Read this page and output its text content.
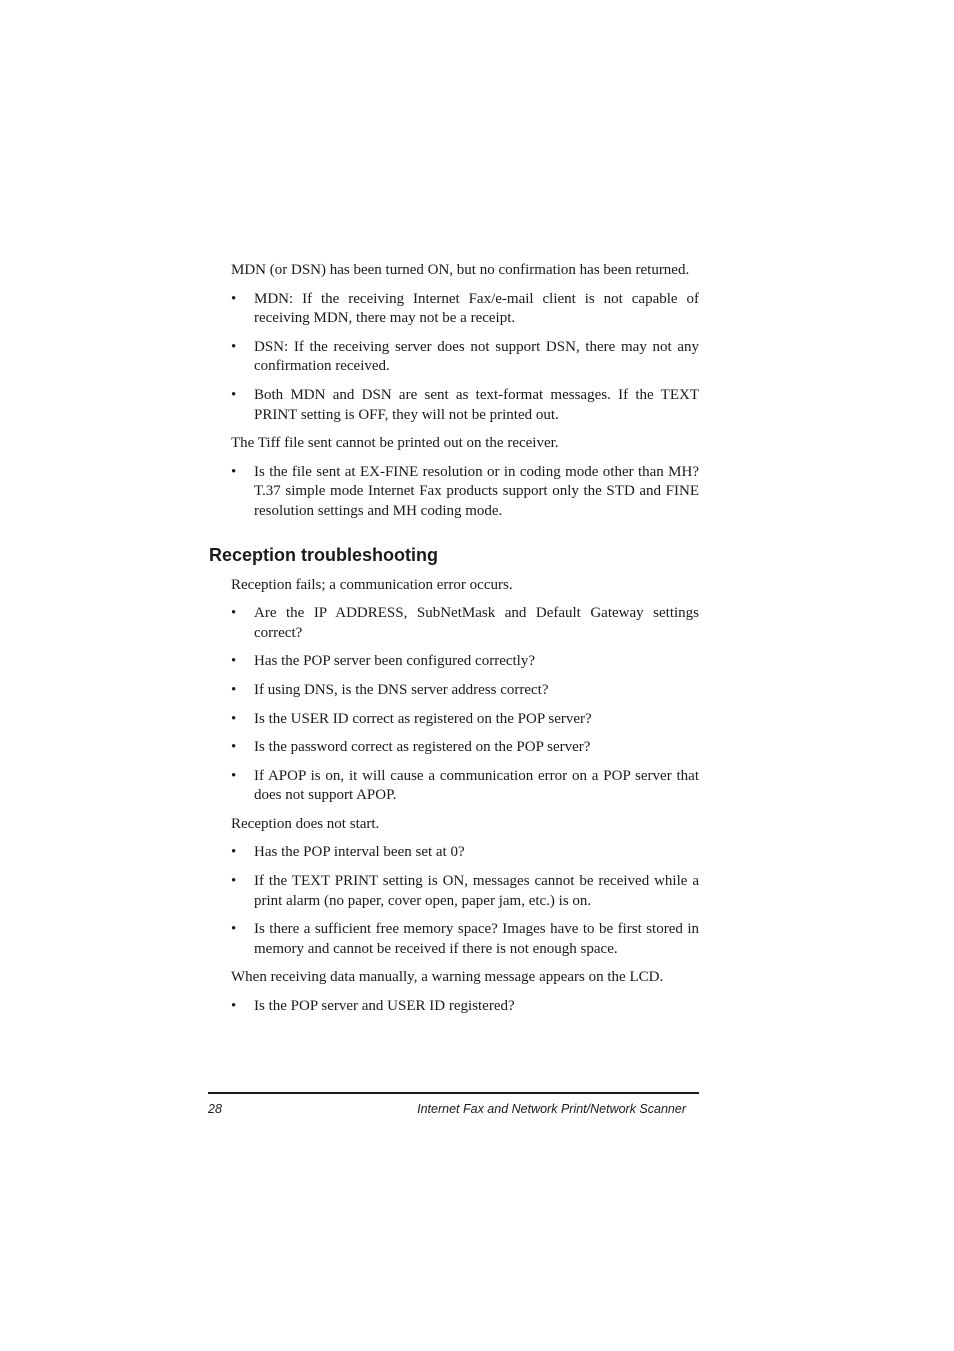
MDN (or DSN) has been turned ON, but no confirmation has been returned.

• MDN: If the receiving Internet Fax/e-mail client is not capable of receiving MDN, there may not be a receipt.
• DSN: If the receiving server does not support DSN, there may not any confirmation received.
• Both MDN and DSN are sent as text-format messages. If the TEXT PRINT setting is OFF, they will not be printed out.

The Tiff file sent cannot be printed out on the receiver.

• Is the file sent at EX-FINE resolution or in coding mode other than MH? T.37 simple mode Internet Fax products support only the STD and FINE resolution settings and MH coding mode.
Reception troubleshooting

Reception fails; a communication error occurs.

• Are the IP ADDRESS, SubNetMask and Default Gateway settings correct?
• Has the POP server been configured correctly?
• If using DNS, is the DNS server address correct?
• Is the USER ID correct as registered on the POP server?
• Is the password correct as registered on the POP server?
• If APOP is on, it will cause a communication error on a POP server that does not support APOP.

Reception does not start.

• Has the POP interval been set at 0?
• If the TEXT PRINT setting is ON, messages cannot be received while a print alarm (no paper, cover open, paper jam, etc.) is on.
• Is there a sufficient free memory space? Images have to be first stored in memory and cannot be received if there is not enough space.

When receiving data manually, a warning message appears on the LCD.

• Is the POP server and USER ID registered?
28	Internet Fax and Network Print/Network Scanner
